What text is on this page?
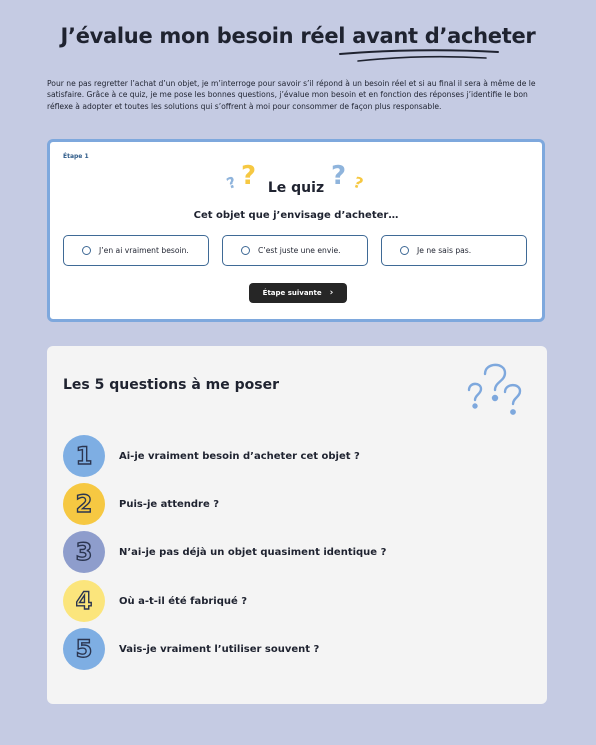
J’évalue mon besoin réel avant d’acheter

Pour ne pas regretter l’achat d’un objet, je m’interroge pour savoir s’il répond à un besoin réel et si au final il sera à même de le satisfaire. Grâce à ce quiz, je me pose les bonnes questions, j’évalue mon besoin et en fonction des réponses j’identifie le bon réflexe à adopter et toutes les solutions qui s’offrent à moi pour consommer de façon plus responsable.

Étape 1
? ?	? ?
Le quiz
Cet objet que j’envisage d’acheter…
J’en ai vraiment besoin.	C’est juste une envie.	Je ne sais pas.
Étape suivante ›
Les 5 questions à me poser
1	Ai-je vraiment besoin d’acheter cet objet ?
2	Puis-je attendre ?
3	N’ai-je pas déjà un objet quasiment identique ?
4	Où a-t-il été fabriqué ?
5	Vais-je vraiment l’utiliser souvent ?
